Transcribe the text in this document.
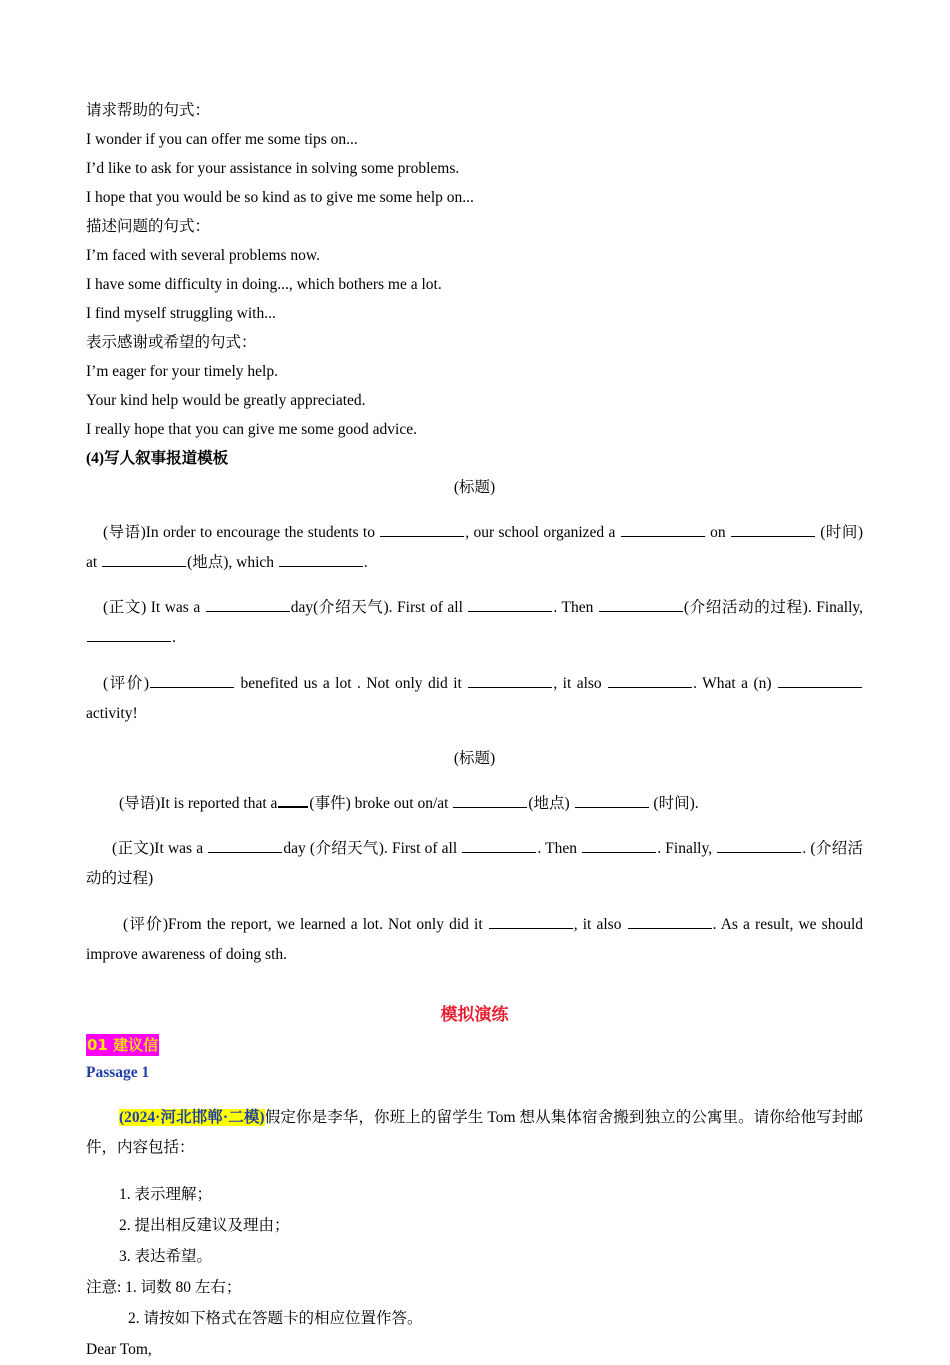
请求帮助的句式：

I wonder if you can offer me some tips on...

I’d like to ask for your assistance in solving some problems.

I hope that you would be so kind as to give me some help on...

描述问题的句式：

I’m faced with several problems now.

I have some difficulty in doing..., which bothers me a lot.

I find myself struggling with...

表示感谢或希望的句式：

I’m eager for your timely help.

Your kind help would be greatly appreciated.

I really hope that you can give me some good advice.

(4)写人叙事报道模板

(标题)

(导语)In order to encourage the students to	, our school organized a	on	(时间) at	(地点), which	.

(正文) It was a	day(介绍天气). First of all	. Then	(介绍活动的过程). Finally, .

(评价)	benefited us a lot . Not only did it	, it also	. What a (n)  activity!

(标题)

(导语)It is reported that a (事件) broke out on/at	(地点)	(时间).

(正文)It was a	day (介绍天气). First of all	. Then	. Finally,	. (介绍活动的过程)

(评价)From the report, we learned a lot. Not only did it	, it also	. As a result, we should improve awareness of doing sth.

模拟演练
01 建议信
Passage 1

(2024·河北邯郸·二模)假定你是李华，你班上的留学生 Tom 想从集体宿舍搬到独立的公寓里。请你给他写封邮件，内容包括：

1. 表示理解；

2. 提出相反建议及理由；

3. 表达希望。

注意: 1. 词数 80 左右；

2. 请按如下格式在答题卡的相应位置作答。

Dear Tom,
